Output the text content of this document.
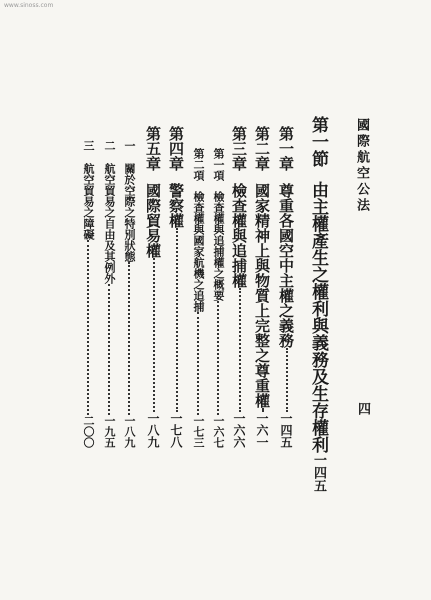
www.sinoss.com
國際航空公法
四
第一節
由主權產生之權利與義務及生存權利
一四五
第一章
尊重各國空中主權之義務
一四五
第二章
國家精神上與物質上完整之尊重權
一六一
第三章
檢查權與追捕權
一六六
第一項
檢查權與追捕權之概要
一六七
第二項
檢查權與國家航機之追捕
一七三
第四章
警察權
一七八
第五章
國際貿易權
一八九
一
關於空際之特別狀態
一八九
二
航空貿易之自由及其例外
一九五
三
航空貿易之障礙
二〇〇
